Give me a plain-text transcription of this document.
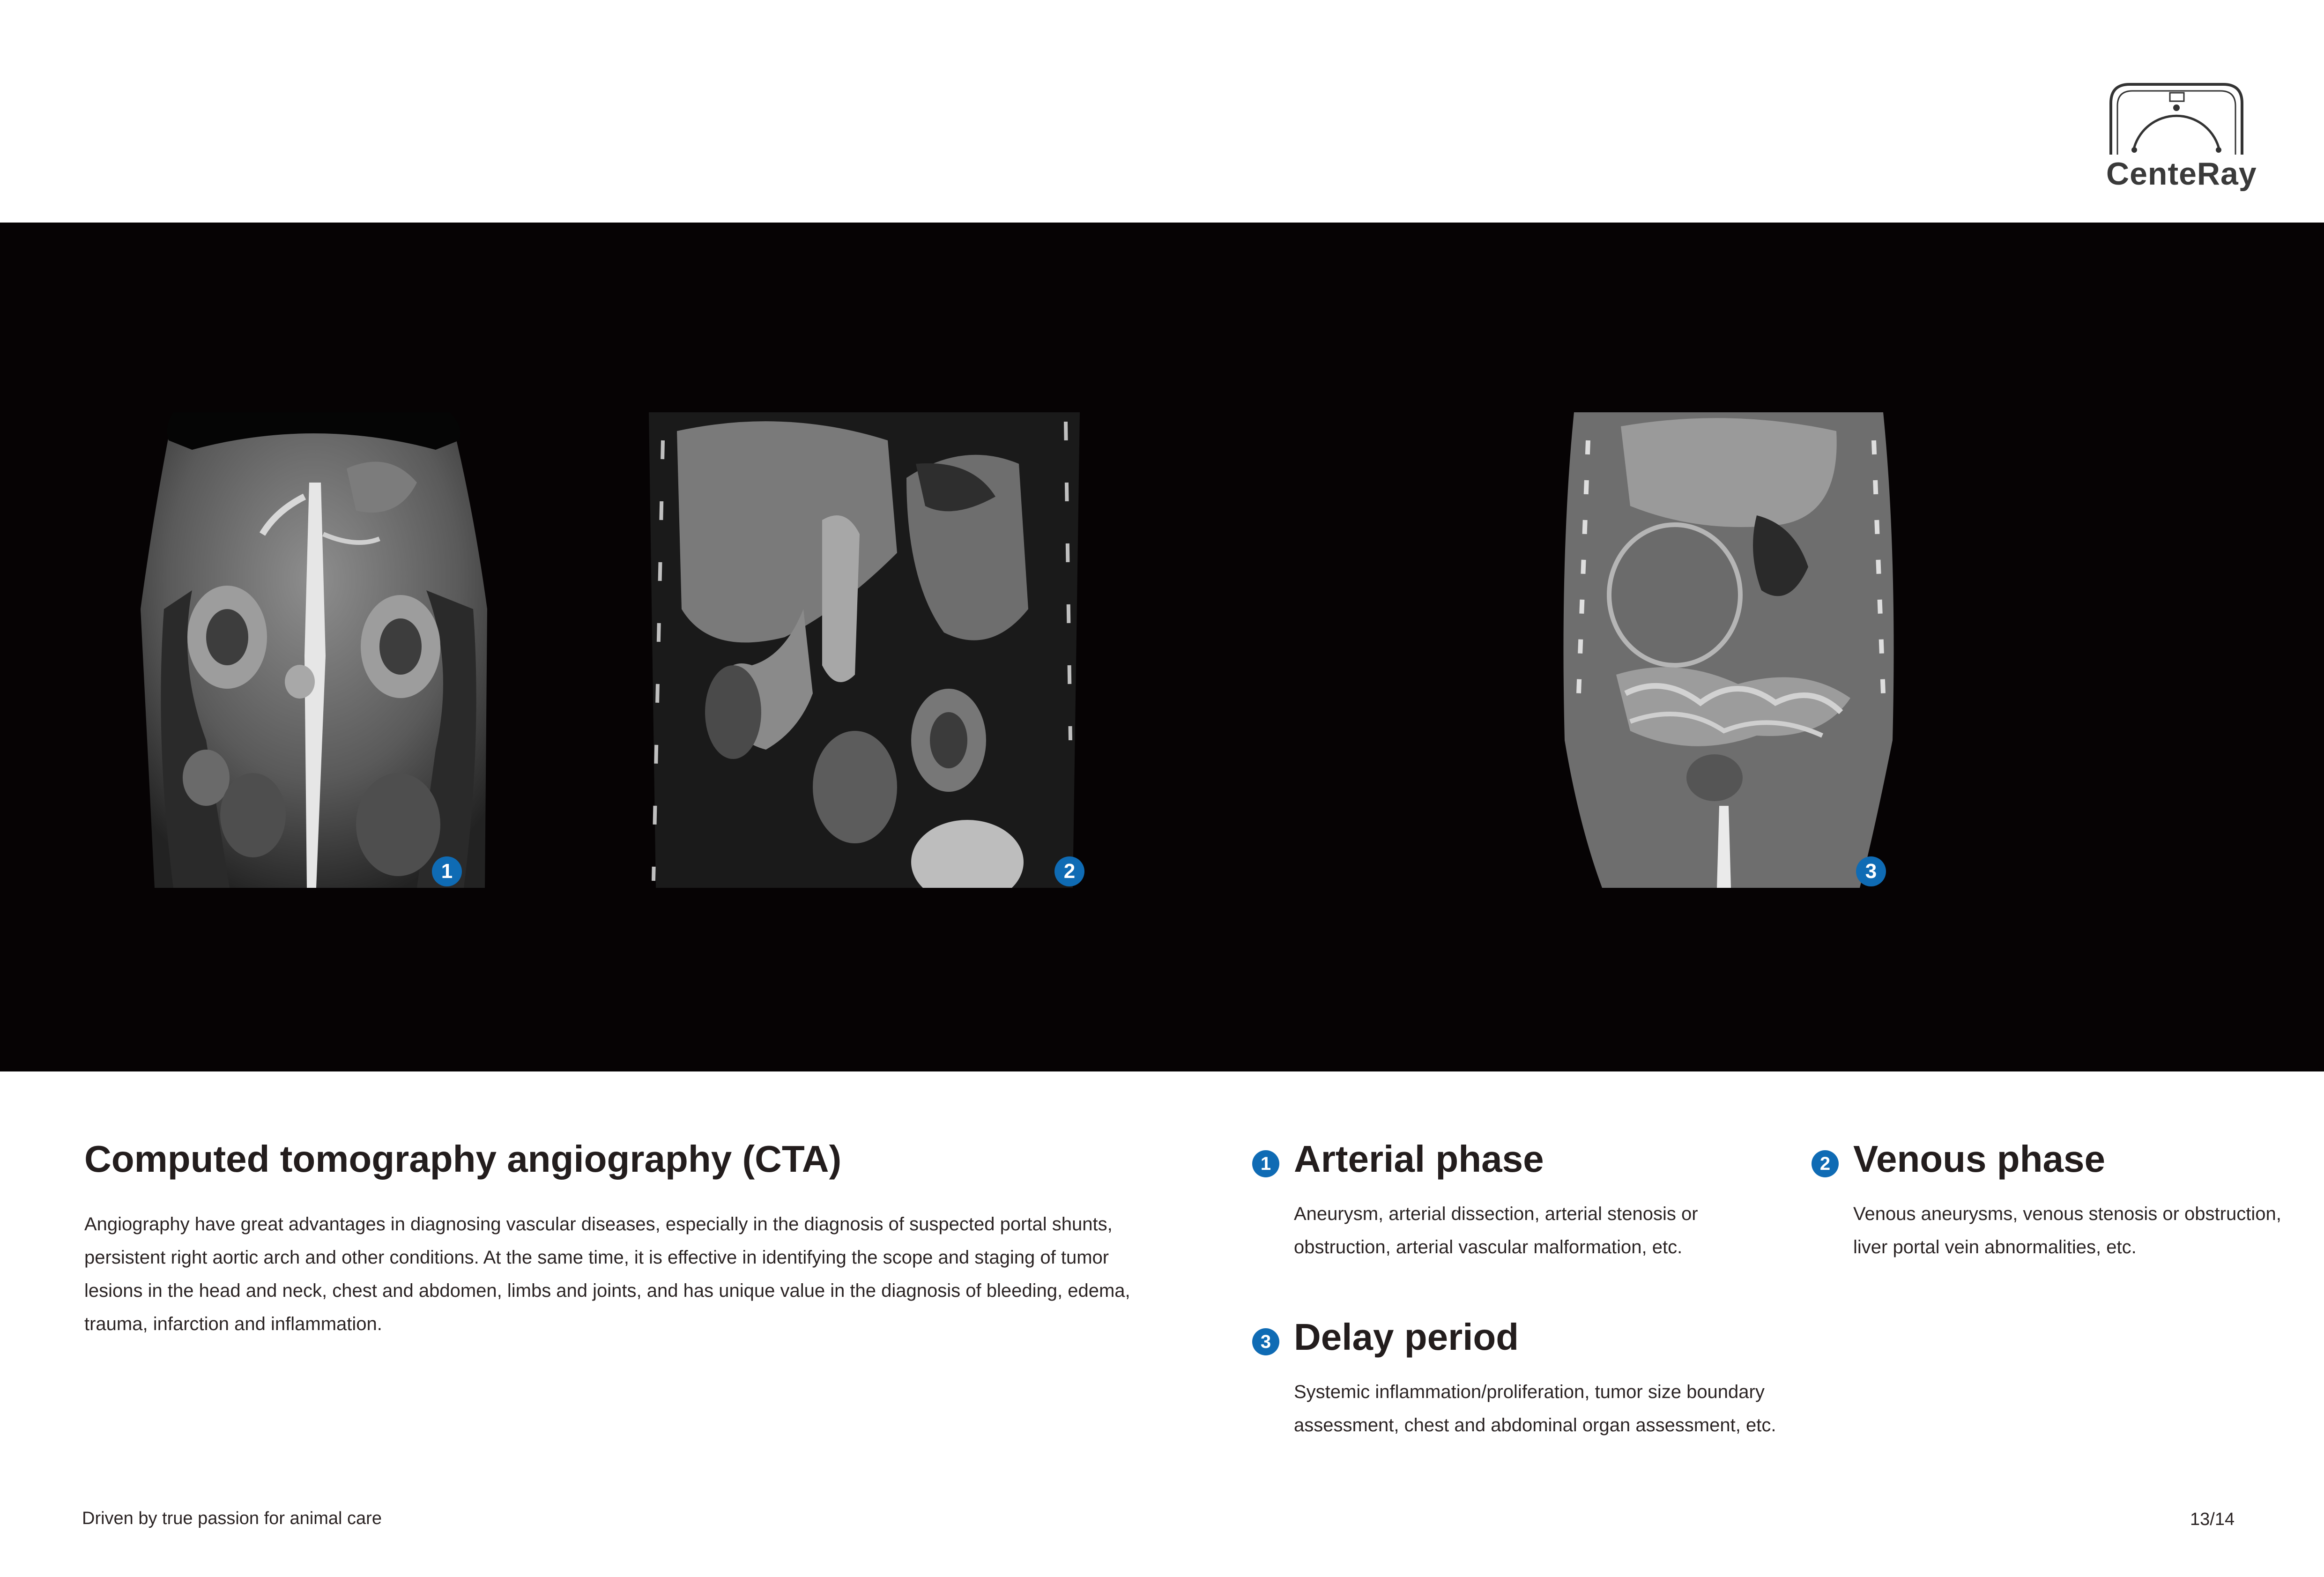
CenteRay
1	2	3
Computed tomography angiography (CTA)
Angiography have great advantages in diagnosing vascular diseases, especially in the diagnosis of suspected portal shunts, persistent right aortic arch and other conditions. At the same time, it is effective in identifying the scope and staging of tumor lesions in the head and neck, chest and abdomen, limbs and joints, and has unique value in the diagnosis of bleeding, edema, trauma, infarction and inflammation.
1 Arterial phase
Aneurysm, arterial dissection, arterial stenosis or obstruction, arterial vascular malformation, etc.
2 Venous phase
Venous aneurysms, venous stenosis or obstruction, liver portal vein abnormalities, etc.
3 Delay period
Systemic inflammation/proliferation, tumor size boundary assessment, chest and abdominal organ assessment, etc.
Driven by true passion for animal care	13/14
